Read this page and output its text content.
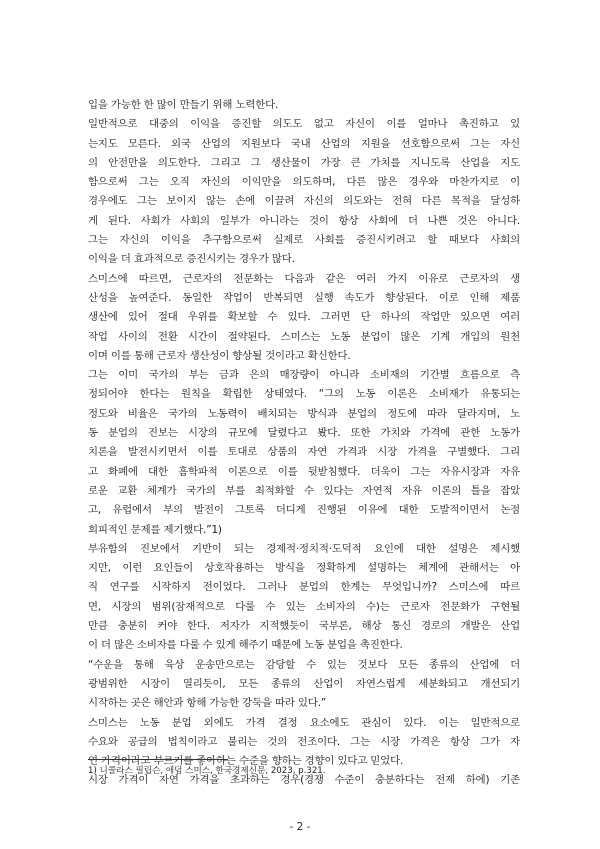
입을 가능한 한 많이 만들기 위해 노력한다.

일반적으로 대중의 이익을 증진할 의도도 없고 자신이 이를 얼마나 촉진하고 있
는지도 모른다. 외국 산업의 지원보다 국내 산업의 지원을 선호함으로써 그는 자신
의 안전만을 의도한다. 그리고 그 생산물이 가장 큰 가치를 지니도록 산업을 지도
함으로써 그는 오직 자신의 이익만을 의도하며, 다른 많은 경우와 마찬가지로 이
경우에도 그는 보이지 않는 손에 이끌려 자신의 의도와는 전혀 다른 목적을 달성하
게 된다. 사회가 사회의 일부가 아니라는 것이 항상 사회에 더 나쁜 것은 아니다.
그는 자신의 이익을 추구함으로써 실제로 사회를 증진시키려고 할 때보다 사회의
이익을 더 효과적으로 증진시키는 경우가 많다.

스미스에 따르면, 근로자의 전문화는 다음과 같은 여러 가지 이유로 근로자의 생
산성을 높여준다. 동일한 작업이 반복되면 실행 속도가 향상된다. 이로 인해 제품
생산에 있어 절대 우위를 확보할 수 있다. 그러면 단 하나의 작업만 있으면 여러
작업 사이의 전환 시간이 절약된다. 스미스는 노동 분업이 많은 기계 개입의 원천
이며 이를 통해 근로자 생산성이 향상될 것이라고 확신한다.

그는 이미 국가의 부는 금과 은의 매장량이 아니라 소비재의 기간별 흐름으로 측
정되어야 한다는 원칙을 확립한 상태였다. “그의 노동 이론은 소비재가 유통되는
정도와 비율은 국가의 노동력이 배치되는 방식과 분업의 정도에 따라 달라지며, 노
동 분업의 진보는 시장의 규모에 달렸다고 봤다. 또한 가치와 가격에 관한 노동가
치론을 발전시키면서 이를 토대로 상품의 자연 가격과 시장 가격을 구별했다. 그리
고 화폐에 대한 흠학파적 이론으로 이를 뒷받침했다. 더욱이 그는 자유시장과 자유
로운 교환 체계가 국가의 부를 최적화할 수 있다는 자연적 자유 이론의 틀을 잡았
고, 유럽에서 부의 발전이 그토록 더디게 진행된 이유에 대한 도발적이면서 논점
회피적인 문제를 제기했다.”1)

부유함의 진보에서 기반이 되는 경제적·정치적·도덕적 요인에 대한 설명은 제시했
지만, 이런 요인들이 상호작용하는 방식을 정확하게 설명하는 체계에 관해서는 아
직 연구를 시작하지 전이었다. 그러나 분업의 한계는 무엇입니까? 스미스에 따르
면, 시장의 범위(잠재적으로 다룰 수 있는 소비자의 수)는 근로자 전문화가 구현될
만큼 충분히 커야 한다. 저자가 지적했듯이 국부론, 해상 통신 경로의 개발은 산업
이 더 많은 소비자를 다룰 수 있게 해주기 때문에 노동 분업을 촉진한다.

“수운을 통해 육상 운송만으로는 감당할 수 있는 것보다 모든 종류의 산업에 더
광범위한 시장이 열리듯이, 모든 종류의 산업이 자연스럽게 세분화되고 개선되기
시작하는 곳은 해안과 항해 가능한 강둑을 따라 있다.”

스미스는 노동 분업 외에도 가격 결정 요소에도 관심이 있다. 이는 일반적으로
수요와 공급의 법칙이라고 불리는 것의 전조이다. 그는 시장 가격은 항상 그가 자
연 가격이라고 부르기를 좋아하는 수준을 향하는 경향이 있다고 믿었다.

시장 가격이 자연 가격을 초과하는 경우(경쟁 수준이 충분하다는 전제 하에) 기존

1) 니콜라스 필립슨, 애덤 스미스, 한국경제신문, 2023, p.321.
- 2 -
